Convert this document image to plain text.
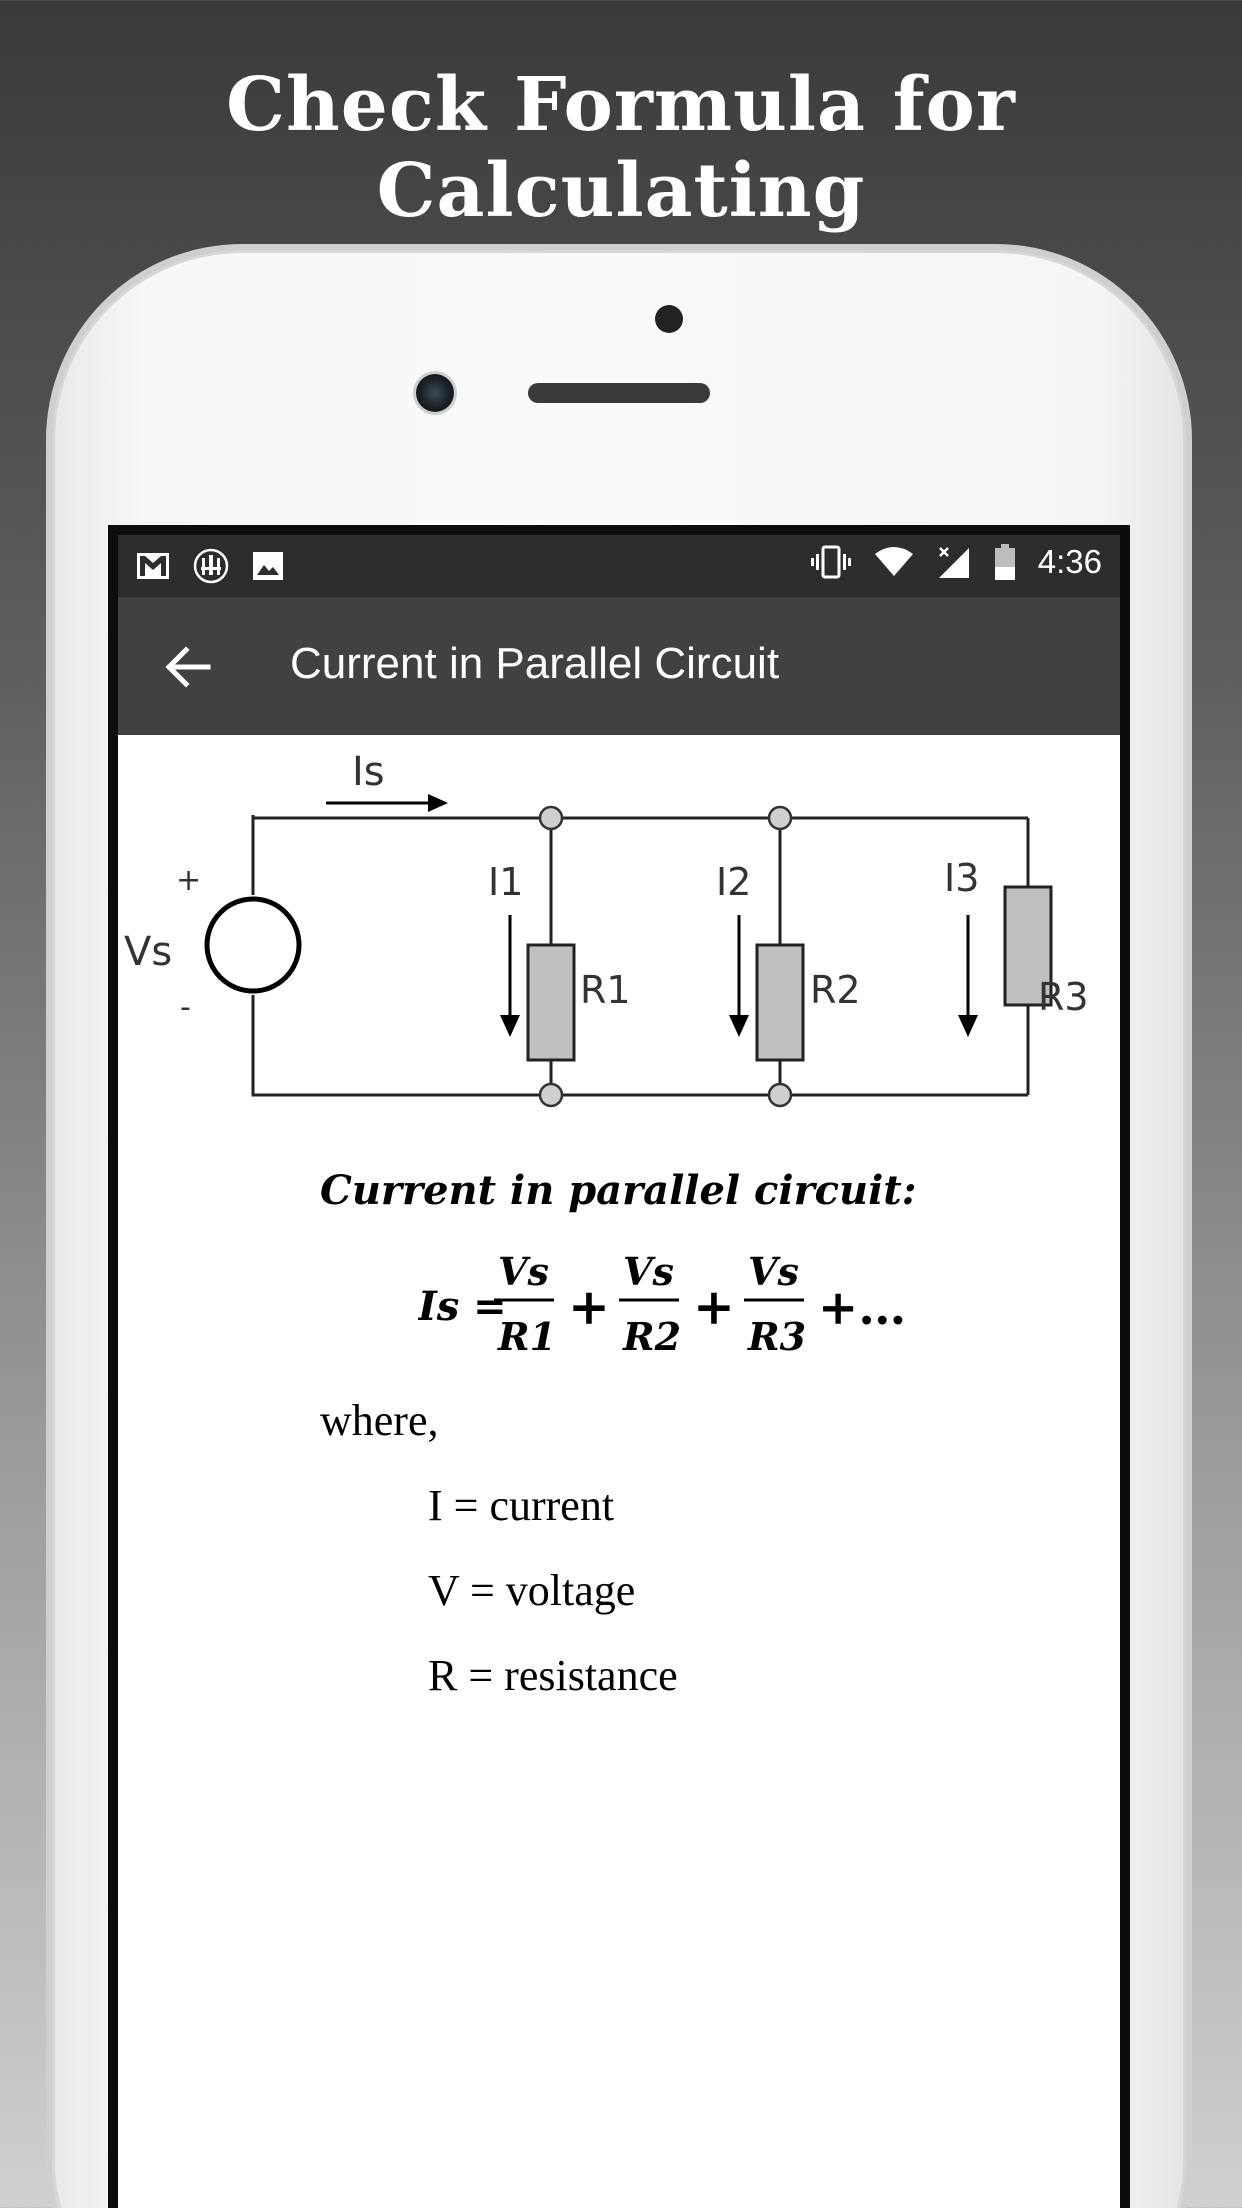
Check Formula for Calculating
4:36
Current in Parallel Circuit
Vs
+
-
Is
I1
R1
I2
R2
I3
R3
Current in parallel circuit:
Is =
Vs
R1
+
Vs
R2
+
Vs
R3
+…
where,
I = current
V = voltage
R = resistance
